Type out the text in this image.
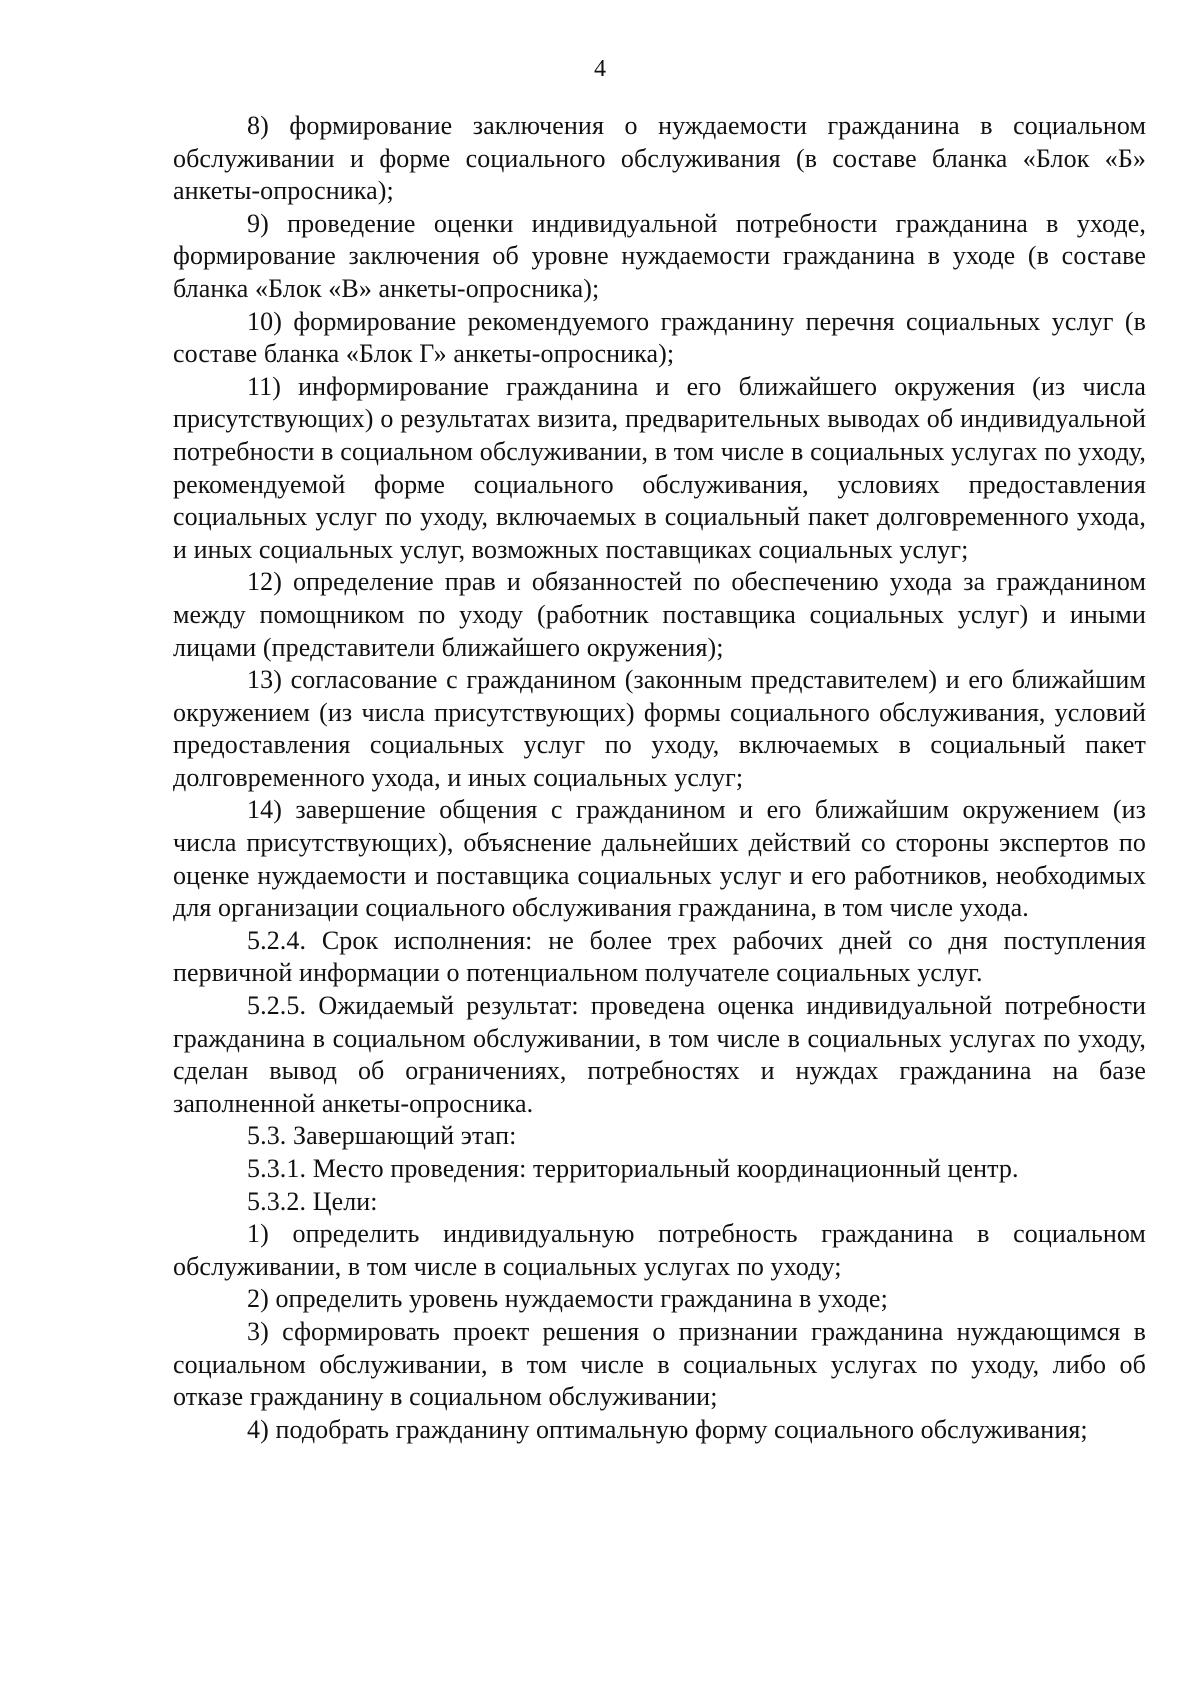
4

8) формирование заключения о нуждаемости гражданина в социальном обслуживании и форме социального обслуживания (в составе бланка «Блок «Б» анкеты-опросника);

9) проведение оценки индивидуальной потребности гражданина в уходе, формирование заключения об уровне нуждаемости гражданина в уходе (в составе бланка «Блок «В» анкеты-опросника);

10) формирование рекомендуемого гражданину перечня социальных услуг (в составе бланка «Блок Г» анкеты-опросника);

11) информирование гражданина и его ближайшего окружения (из числа присутствующих) о результатах визита, предварительных выводах об индивидуальной потребности в социальном обслуживании, в том числе в социальных услугах по уходу, рекомендуемой форме социального обслуживания, условиях предоставления социальных услуг по уходу, включаемых в социальный пакет долговременного ухода, и иных социальных услуг, возможных поставщиках социальных услуг;

12) определение прав и обязанностей по обеспечению ухода за гражданином между помощником по уходу (работник поставщика социальных услуг) и иными лицами (представители ближайшего окружения);

13) согласование с гражданином (законным представителем) и его ближайшим окружением (из числа присутствующих) формы социального обслуживания, условий предоставления социальных услуг по уходу, включаемых в социальный пакет долговременного ухода, и иных социальных услуг;

14) завершение общения с гражданином и его ближайшим окружением (из числа присутствующих), объяснение дальнейших действий со стороны экспертов по оценке нуждаемости и поставщика социальных услуг и его работников, необходимых для организации социального обслуживания гражданина, в том числе ухода.

5.2.4. Срок исполнения: не более трех рабочих дней со дня поступления первичной информации о потенциальном получателе социальных услуг.

5.2.5. Ожидаемый результат: проведена оценка индивидуальной потребности гражданина в социальном обслуживании, в том числе в социальных услугах по уходу, сделан вывод об ограничениях, потребностях и нуждах гражданина на базе заполненной анкеты-опросника.

5.3. Завершающий этап:

5.3.1. Место проведения: территориальный координационный центр.

5.3.2. Цели:

1) определить индивидуальную потребность гражданина в социальном обслуживании, в том числе в социальных услугах по уходу;

2) определить уровень нуждаемости гражданина в уходе;

3) сформировать проект решения о признании гражданина нуждающимся в социальном обслуживании, в том числе в социальных услугах по уходу, либо об отказе гражданину в социальном обслуживании;

4) подобрать гражданину оптимальную форму социального обслуживания;
